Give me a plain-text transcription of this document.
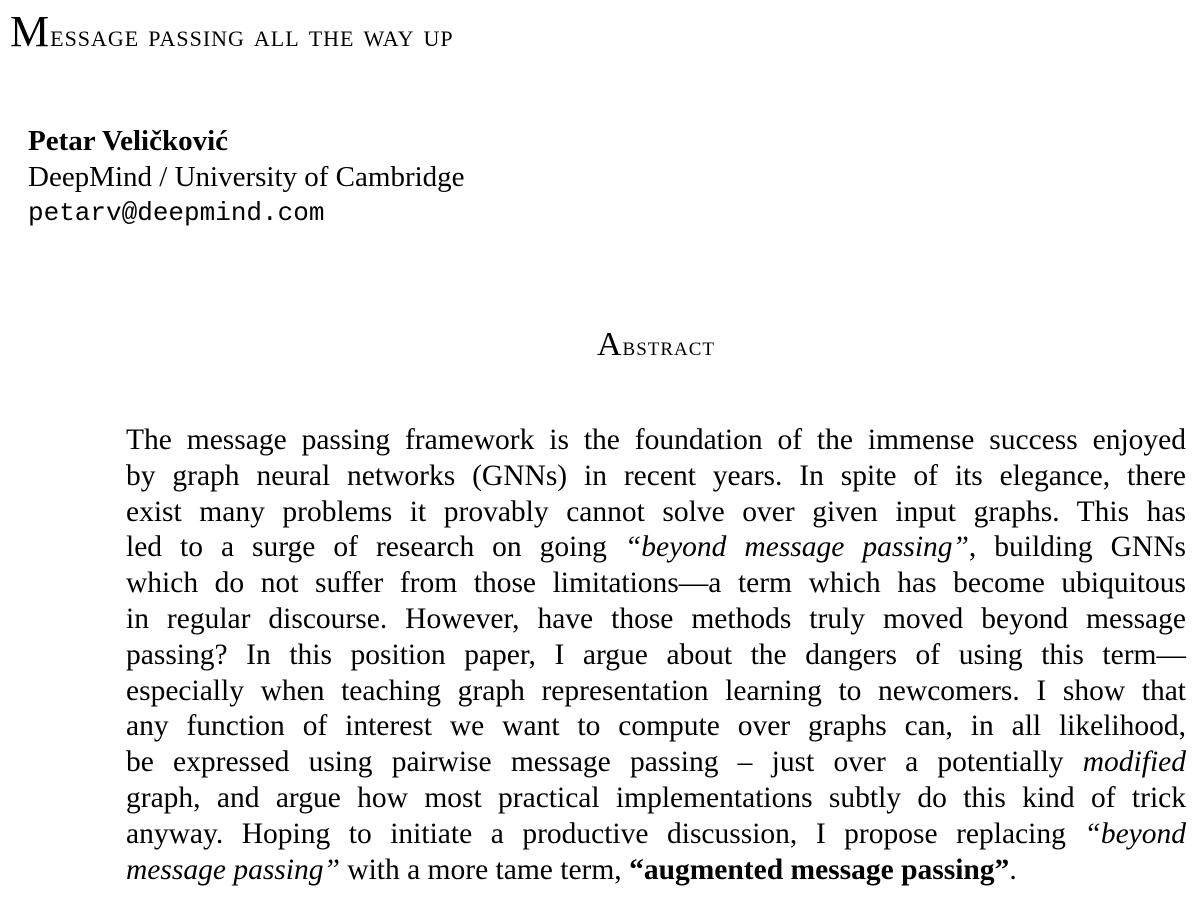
Message passing all the way up
Petar Veličković
DeepMind / University of Cambridge
petarv@deepmind.com
Abstract
The message passing framework is the foundation of the immense success enjoyed
by graph neural networks (GNNs) in recent years. In spite of its elegance, there
exist many problems it provably cannot solve over given input graphs. This has
led to a surge of research on going “beyond message passing”, building GNNs
which do not suffer from those limitations—a term which has become ubiquitous
in regular discourse. However, have those methods truly moved beyond message
passing? In this position paper, I argue about the dangers of using this term—
especially when teaching graph representation learning to newcomers. I show that
any function of interest we want to compute over graphs can, in all likelihood,
be expressed using pairwise message passing – just over a potentially modified
graph, and argue how most practical implementations subtly do this kind of trick
anyway. Hoping to initiate a productive discussion, I propose replacing “beyond
message passing” with a more tame term, “augmented message passing”.
